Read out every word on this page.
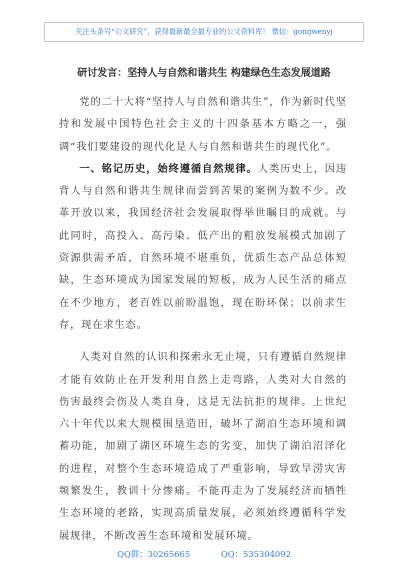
关注头条号“公文研究”，获得最新最全最专业的公文资料库！ 微信：gongwenyj
研讨发言：坚持人与自然和谐共生 构建绿色生态发展道路

党的二十大将“坚持人与自然和谐共生”，作为新时代坚持和发展中国特色社会主义的十四条基本方略之一，强调“我们要建设的现代化是人与自然和谐共生的现代化”。

一、铭记历史，始终遵循自然规律。人类历史上，因违背人与自然和谐共生规律而尝到苦果的案例为数不少。改革开放以来，我国经济社会发展取得举世瞩目的成就。与此同时，高投入、高污染、低产出的粗放发展模式加剧了资源供需矛盾，自然环境不堪重负，优质生态产品总体短缺，生态环境成为国家发展的短板，成为人民生活的痛点在不少地方，老百姓以前盼温饱，现在盼环保；以前求生存，现在求生态。

人类对自然的认识和探索永无止境，只有遵循自然规律才能有效防止在开发利用自然上走弯路，人类对大自然的伤害最终会伤及人类自身，这是无法抗拒的规律。上世纪六十年代以来大规模围垦造田，破坏了湖泊生态环境和调蓄功能，加剧了湖区环境生态的劣变，加快了湖泊沼泽化的进程，对整个生态环境造成了严重影响，导致旱涝灾害频繁发生，教训十分惨痛。不能再走为了发展经济而牺牲生态环境的老路，实现高质量发展，必须始终遵循科学发展规律，不断改善生态环境和发展环境。

QQ群：30265665	QQ：535304092
